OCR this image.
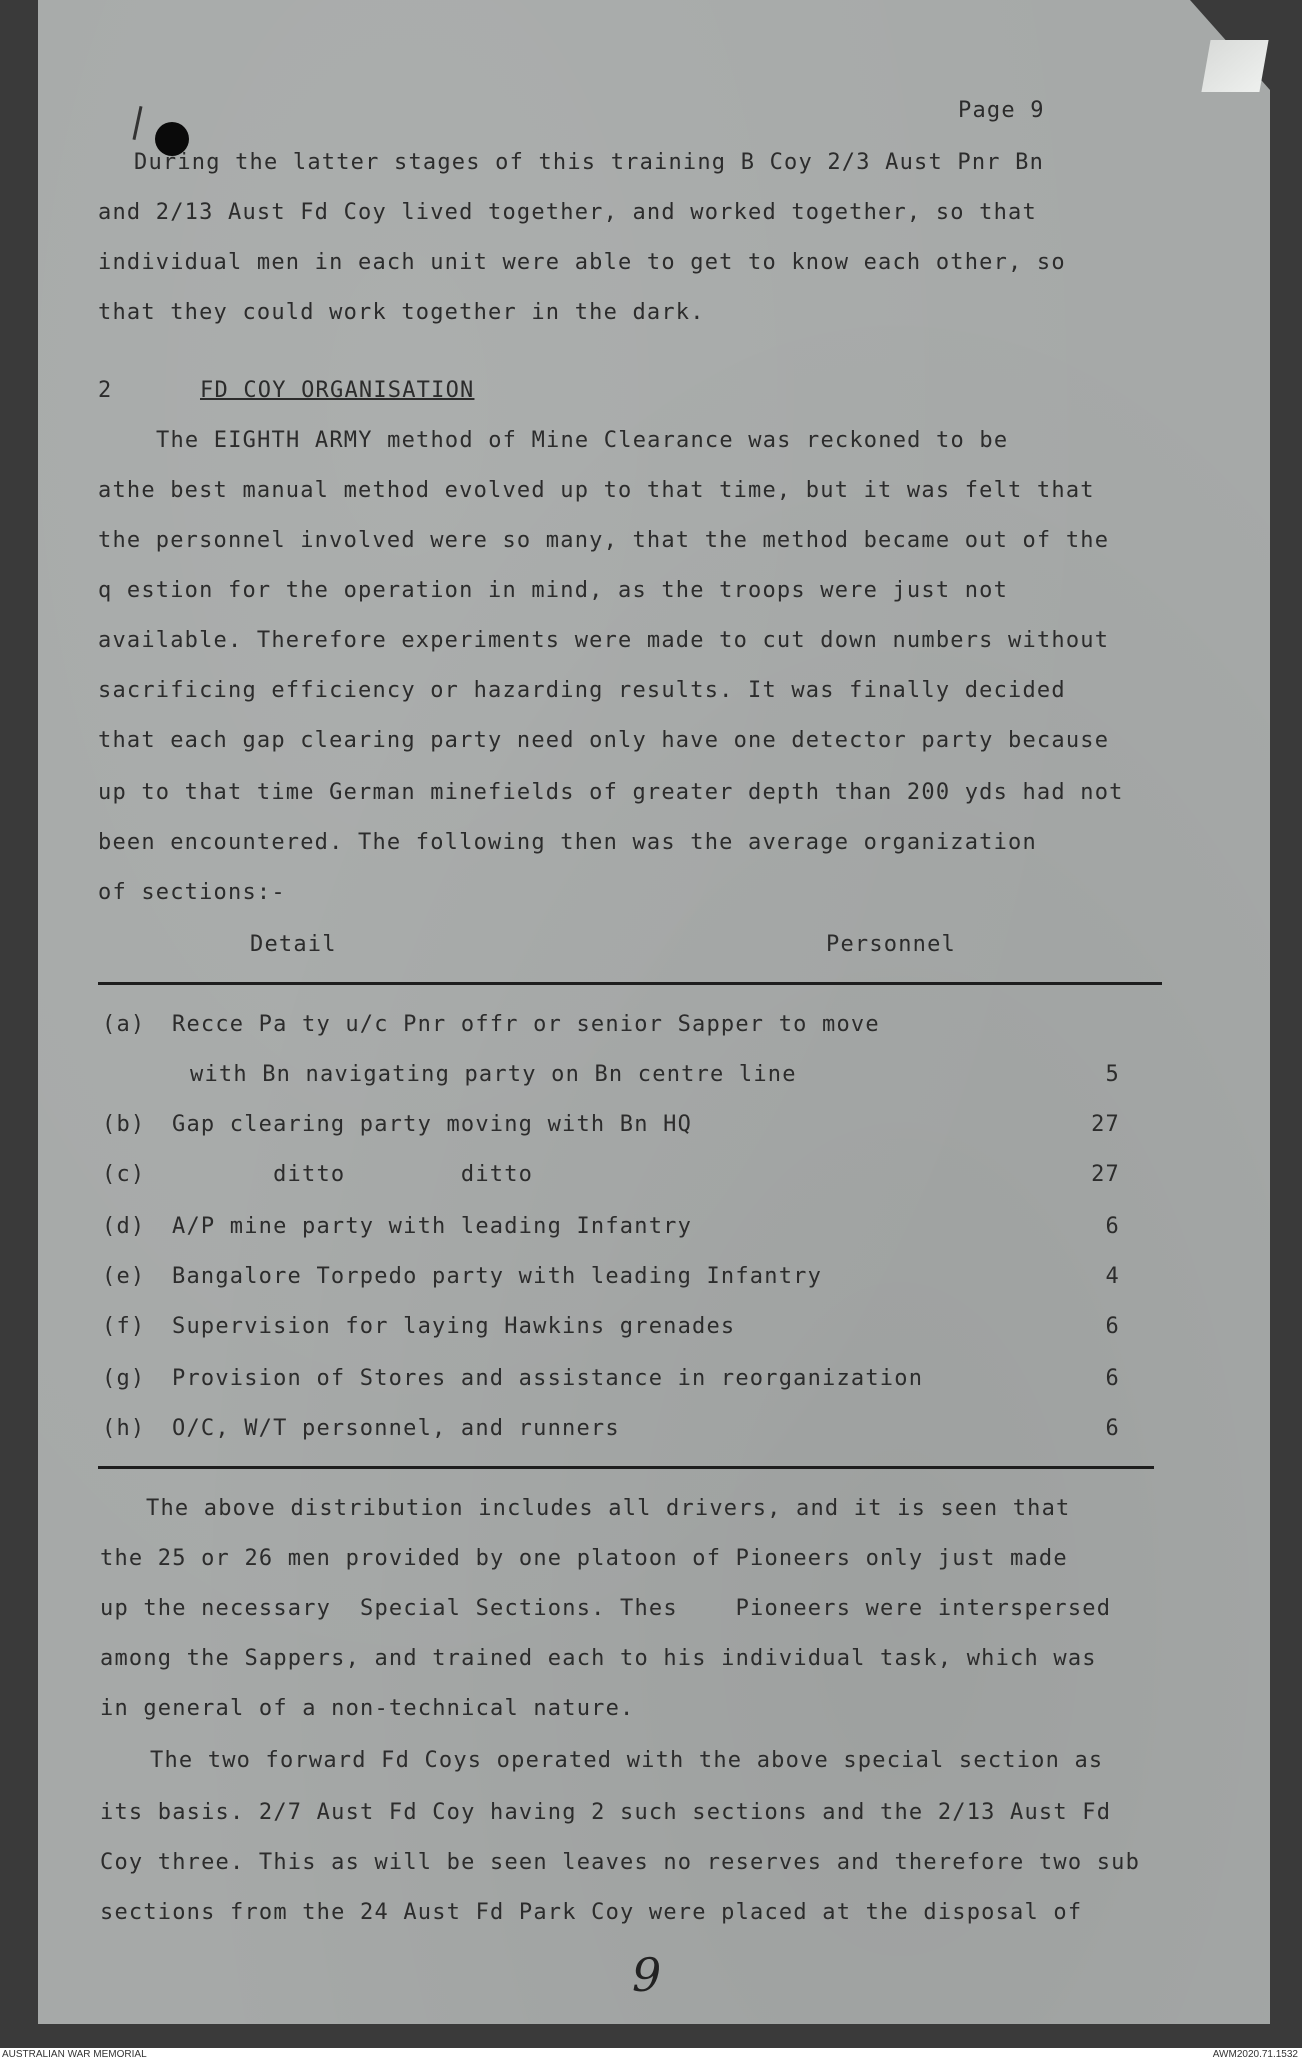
Page 9
During the latter stages of this training B Coy 2/3 Aust Pnr Bn
and 2/13 Aust Fd Coy lived together, and worked together, so that
individual men in each unit were able to get to know each other, so
that they could work together in the dark.
2	FD COY ORGANISATION
The EIGHTH ARMY method of Mine Clearance was reckoned to be
athe best manual method evolved up to that time, but it was felt that
the personnel involved were so many, that the method became out of the
q estion for the operation in mind, as the troops were just not
available. Therefore experiments were made to cut down numbers without
sacrificing efficiency or hazarding results. It was finally decided
that each gap clearing party need only have one detector party because
up to that time German minefields of greater depth than 200 yds had not
been encountered. The following then was the average organization
of sections:-
Detail	Personnel
(a) Recce Pa ty u/c Pnr offr or senior Sapper to move
with Bn navigating party on Bn centre line	5
(b) Gap clearing party moving with Bn HQ	27
(c) ditto        ditto	27
(d) A/P mine party with leading Infantry	6
(e) Bangalore Torpedo party with leading Infantry	4
(f) Supervision for laying Hawkins grenades	6
(g) Provision of Stores and assistance in reorganization	6
(h) O/C, W/T personnel, and runners	6
The above distribution includes all drivers, and it is seen that
the 25 or 26 men provided by one platoon of Pioneers only just made
up the necessary  Special Sections. Thes    Pioneers were interspersed
among the Sappers, and trained each to his individual task, which was
in general of a non-technical nature.
The two forward Fd Coys operated with the above special section as
its basis. 2/7 Aust Fd Coy having 2 such sections and the 2/13 Aust Fd
Coy three. This as will be seen leaves no reserves and therefore two sub
sections from the 24 Aust Fd Park Coy were placed at the disposal of
9
AUSTRALIAN WAR MEMORIAL	AWM2020.71.1532
